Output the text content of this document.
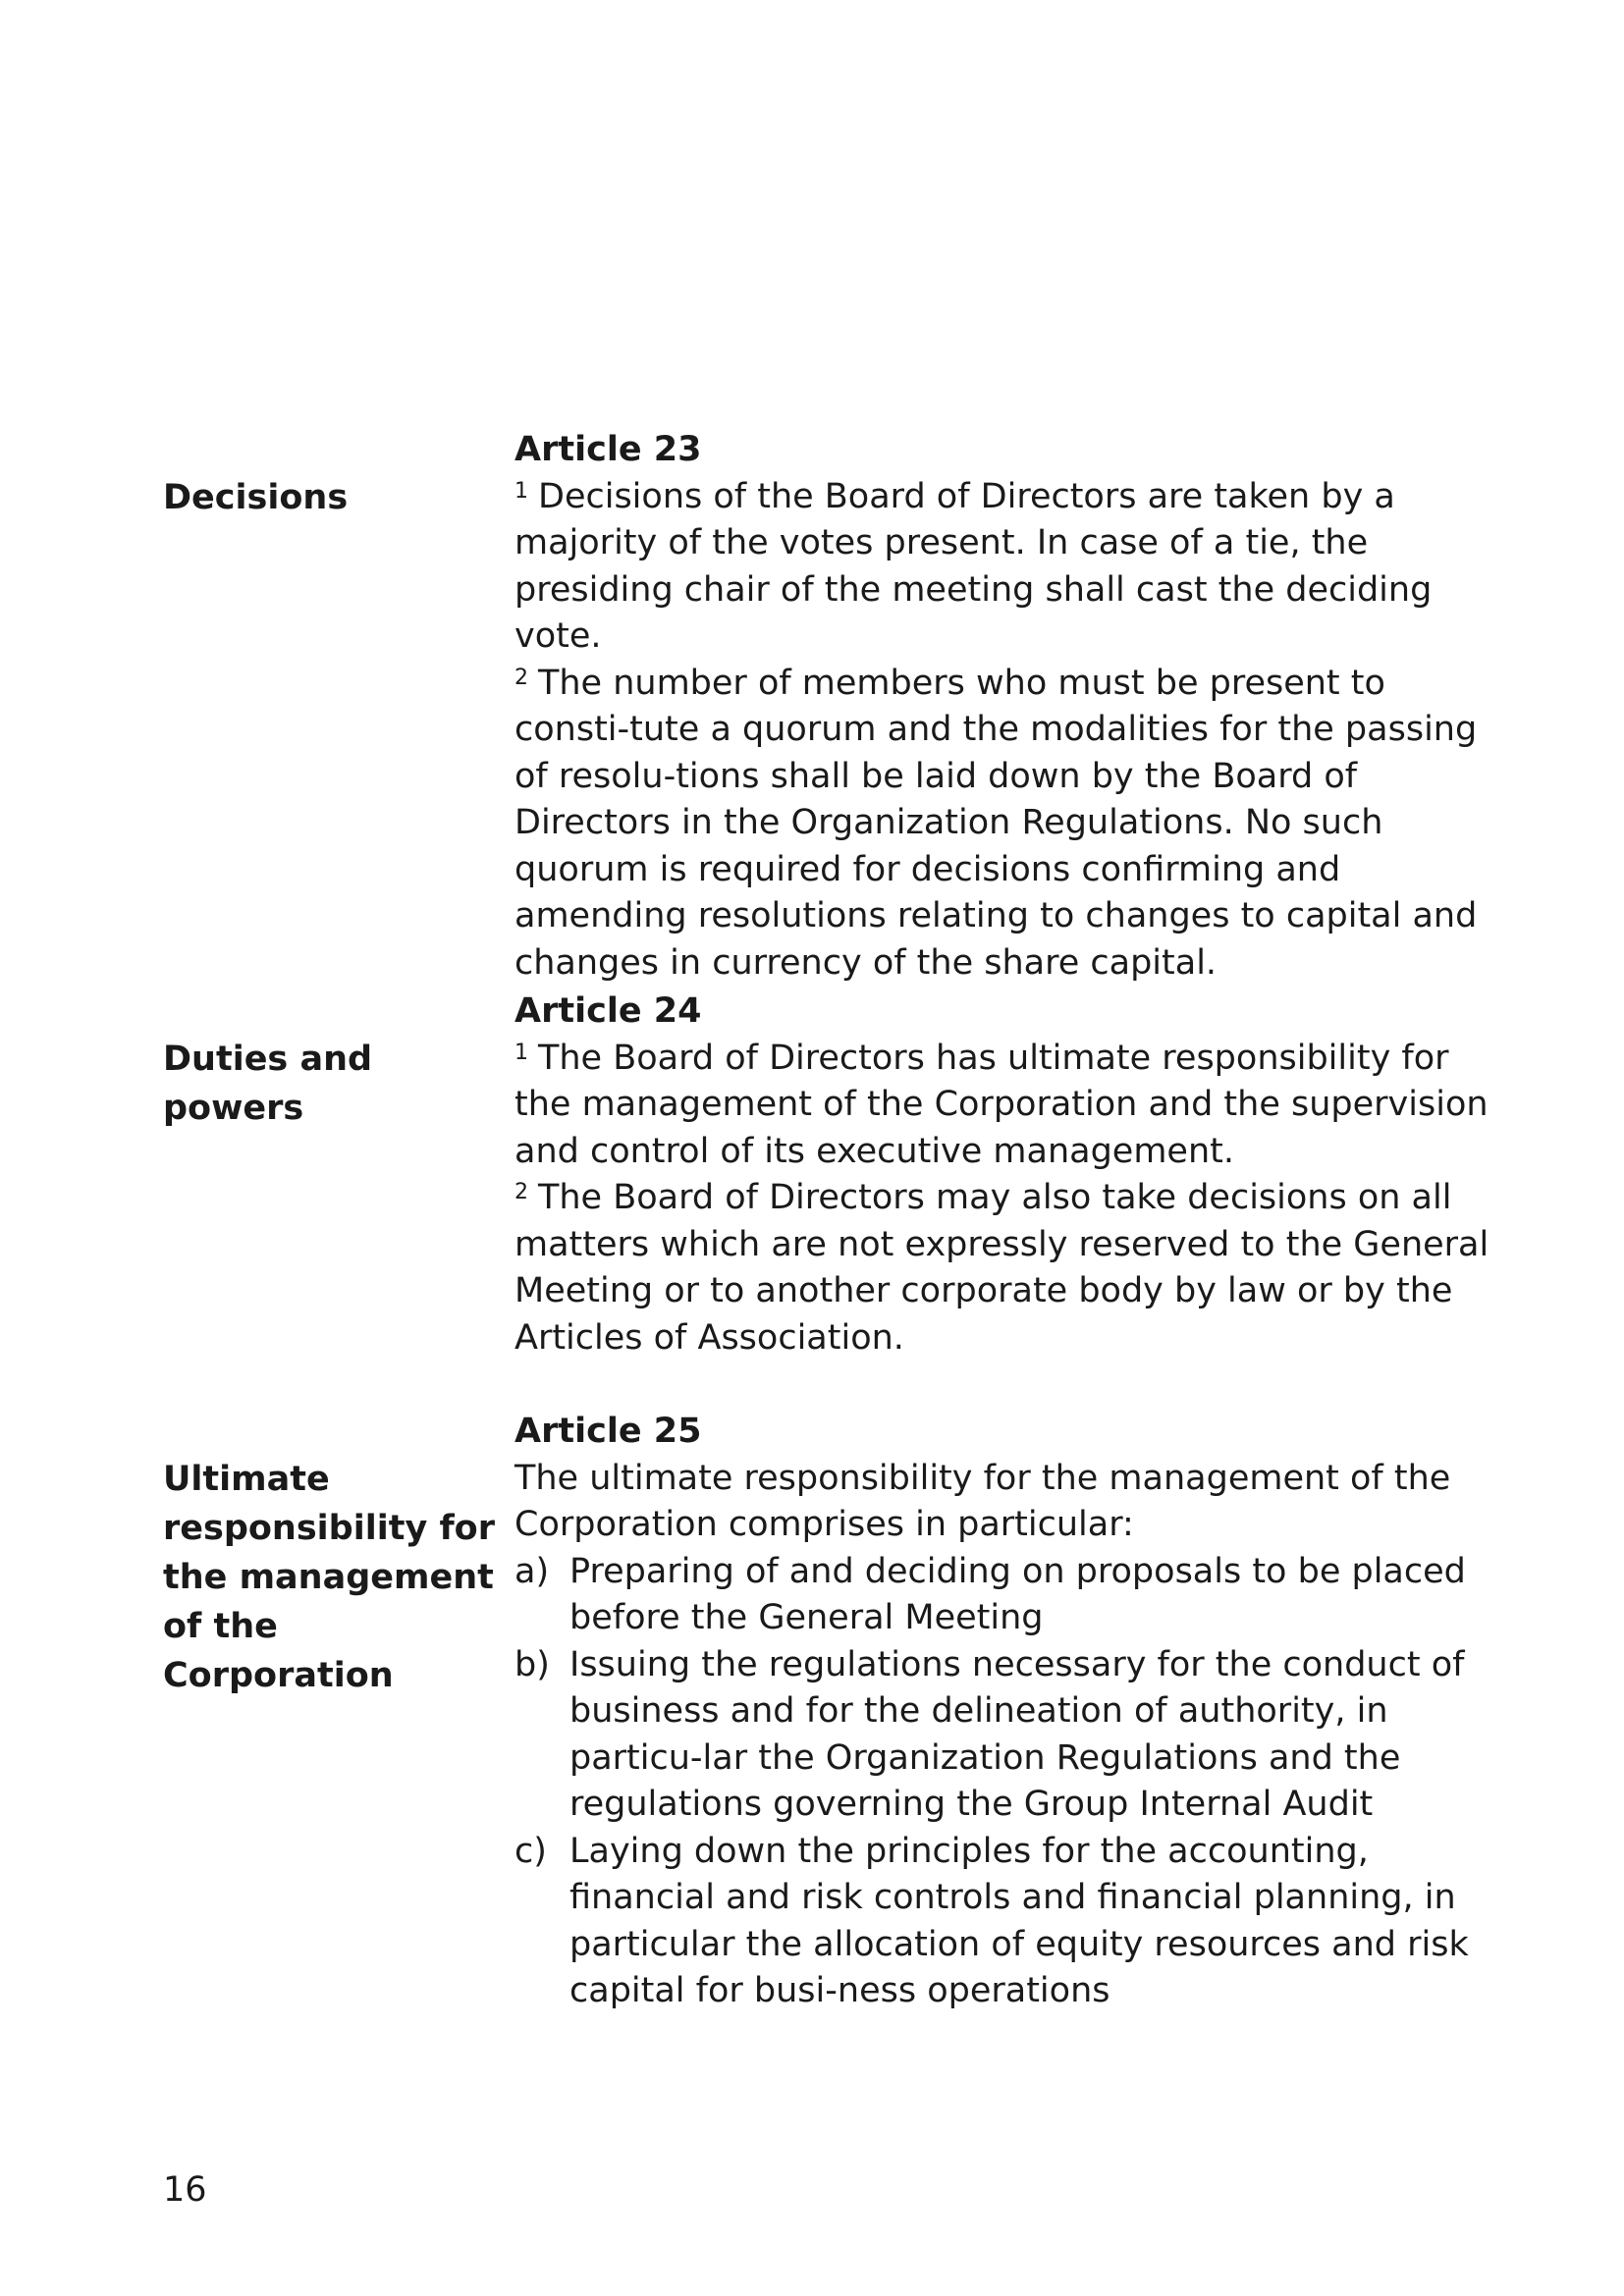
Decisions
Article 23

$^1$ Decisions of the Board of Directors are taken by a majority of the votes present. In case of a tie, the presiding chair of the meeting shall cast the deciding vote.

$^2$ The number of members who must be present to consti-tute a quorum and the modalities for the passing of resolu-tions shall be laid down by the Board of Directors in the Organization Regulations. No such quorum is required for decisions confirming and amending resolutions relating to changes to capital and changes in currency of the share capital.

Duties and powers
Article 24

$^1$ The Board of Directors has ultimate responsibility for the management of the Corporation and the supervision and control of its executive management.

$^2$ The Board of Directors may also take decisions on all matters which are not expressly reserved to the General Meeting or to another corporate body by law or by the Articles of Association.

Ultimate responsibility for the management of the Corporation
Article 25

The ultimate responsibility for the management of the Corporation comprises in particular:

a) Preparing of and deciding on proposals to be placed before the General Meeting
b) Issuing the regulations necessary for the conduct of business and for the delineation of authority, in particu-lar the Organization Regulations and the regulations governing the Group Internal Audit
c) Laying down the principles for the accounting, financial and risk controls and financial planning, in particular the allocation of equity resources and risk capital for busi-ness operations
16
